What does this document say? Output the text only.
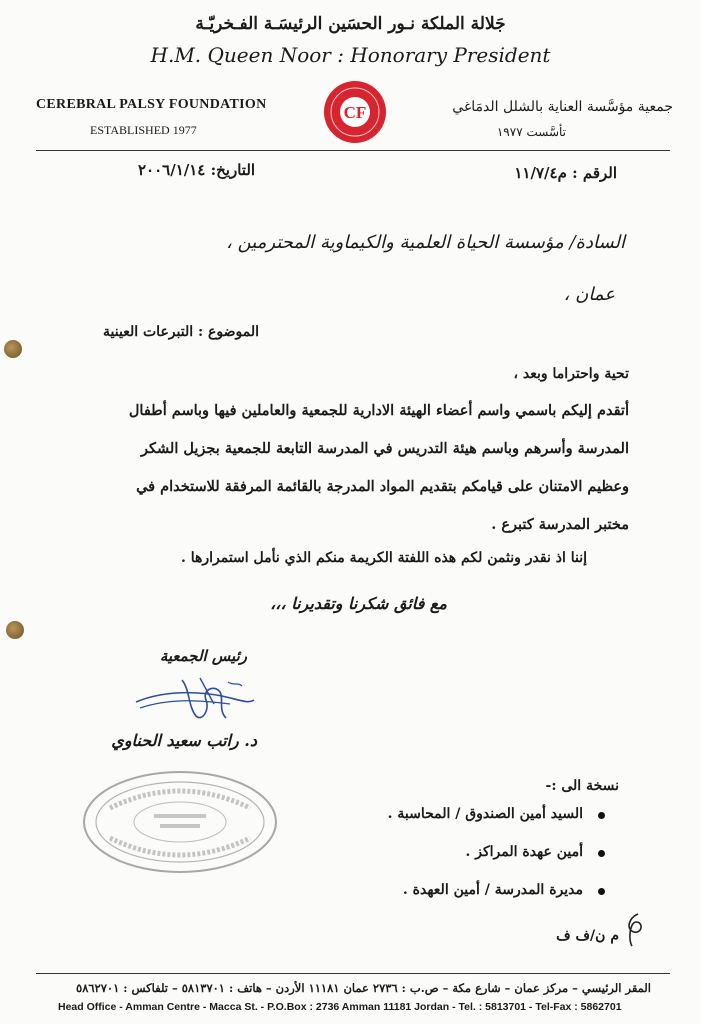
جَلالة الملكة نـور الحسَين الرئيسَـة الفـخريّـة
H.M. Queen Noor : Honorary President
CEREBRAL PALSY FOUNDATION
ESTABLISHED 1977
CF	جمعية مؤسَّسة العناية بالشلل الدمَاغي
تأسَّست ١٩٧٧
الرقم : م١١/٧/٤
التاريخ: ٢٠٠٦/١/١٤
السادة/ مؤسسة الحياة العلمية والكيماوية المحترمين ،
عمان ،
الموضوع : التبرعات العينية
تحية واحتراما وبعد ،
أتقدم إليكم باسمي واسم أعضاء الهيئة الادارية للجمعية والعاملين فيها وباسم أطفال المدرسة وأسرهم وباسم هيئة التدريس في المدرسة التابعة للجمعية بجزيل الشكر وعظيم الامتنان على قيامكم بتقديم المواد المدرجة بالقائمة المرفقة للاستخدام في مختبر المدرسة كتبرع .
إننا اذ نقدر ونثمن لكم هذه اللفتة الكريمة منكم الذي نأمل استمرارها .
مع فائق شكرنا وتقديرنا ،،،
رئيس الجمعية
د. راتب سعيد الحناوي
نسخة الى :-
السيد أمين الصندوق / المحاسبة .
أمين عهدة المراكز .
مديرة المدرسة / أمين العهدة .
م ن/ف ف
المقر الرئيسي – مركز عمان – شارع مكة – ص.ب : ٢٧٣٦ عمان ١١١٨١ الأردن – هاتف : ٥٨١٣٧٠١ – تلفاكس : ٥٨٦٢٧٠١
Head Office - Amman Centre - Macca St. - P.O.Box : 2736 Amman 11181 Jordan - Tel. : 5813701 - Tel-Fax : 5862701
